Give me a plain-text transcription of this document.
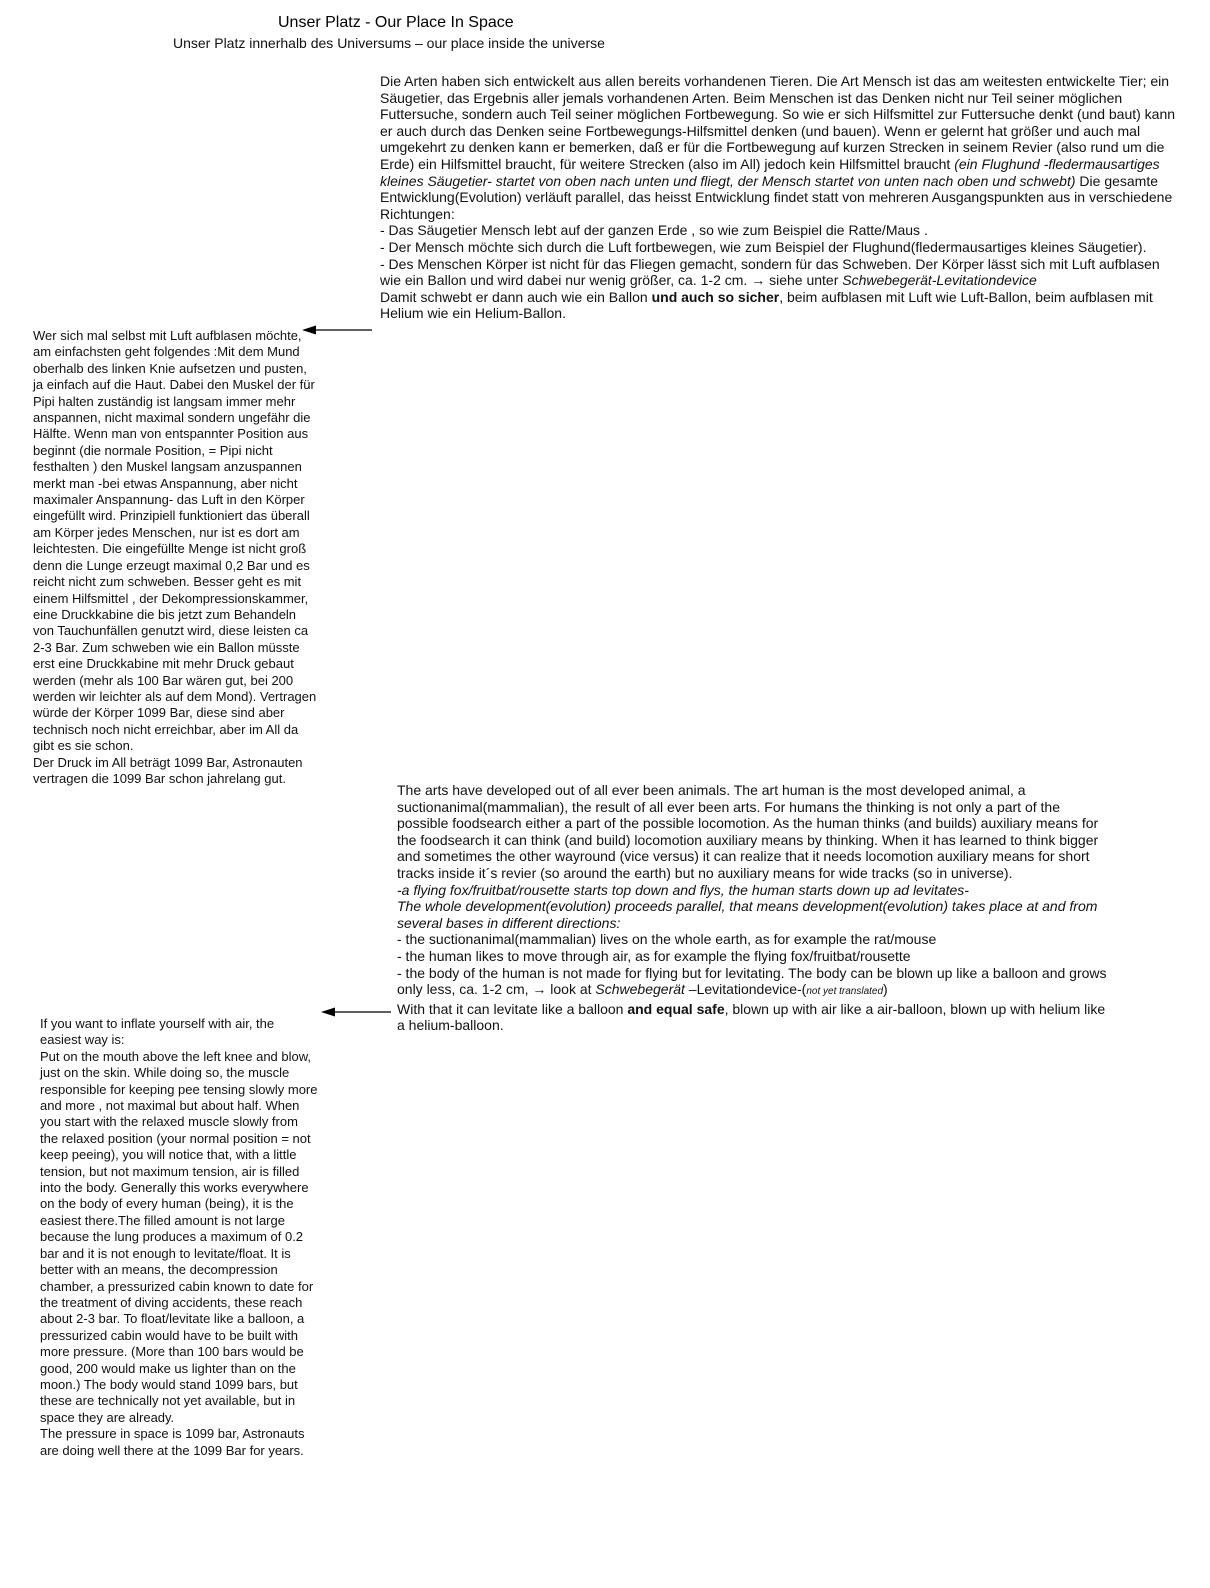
Unser Platz - Our Place In Space
Unser Platz innerhalb des Universums – our place inside the universe

Die Arten haben sich entwickelt aus allen bereits vorhandenen Tieren. Die Art Mensch ist das am weitesten entwickelte Tier; ein Säugetier, das Ergebnis aller jemals vorhandenen Arten. Beim Menschen ist das Denken nicht nur Teil seiner möglichen Futtersuche, sondern auch Teil seiner möglichen Fortbewegung. So wie er sich Hilfsmittel zur Futtersuche denkt (und baut) kann er auch durch das Denken seine Fortbewegungs-Hilfsmittel denken (und bauen). Wenn er gelernt hat größer und auch mal umgekehrt zu denken kann er bemerken, daß er für die Fortbewegung auf kurzen Strecken in seinem Revier (also rund um die Erde) ein Hilfsmittel braucht, für weitere Strecken (also im All) jedoch kein Hilfsmittel braucht (ein Flughund -fledermausartiges kleines Säugetier- startet von oben nach unten und fliegt, der Mensch startet von unten nach oben und schwebt) Die gesamte Entwicklung(Evolution) verläuft parallel, das heisst Entwicklung findet statt von mehreren Ausgangspunkten aus in verschiedene Richtungen:

- Das Säugetier Mensch lebt auf der ganzen Erde , so wie zum Beispiel die Ratte/Maus .

- Der Mensch möchte sich durch die Luft fortbewegen, wie zum Beispiel der Flughund(fledermausartiges kleines Säugetier).

- Des Menschen Körper ist nicht für das Fliegen gemacht, sondern für das Schweben. Der Körper lässt sich mit Luft aufblasen wie ein Ballon und wird dabei nur wenig größer, ca. 1-2 cm. → siehe unter Schwebegerät-Levitationdevice

Damit schwebt er dann auch wie ein Ballon und auch so sicher, beim aufblasen mit Luft wie Luft-Ballon, beim aufblasen mit Helium wie ein Helium-Ballon.

Wer sich mal selbst mit Luft aufblasen möchte, am einfachsten geht folgendes :Mit dem Mund oberhalb des linken Knie aufsetzen und pusten, ja einfach auf die Haut. Dabei den Muskel der für Pipi halten zuständig ist langsam immer mehr anspannen, nicht maximal sondern ungefähr die Hälfte. Wenn man von entspannter Position aus beginnt (die normale Position, = Pipi nicht festhalten ) den Muskel langsam anzuspannen merkt man -bei etwas Anspannung, aber nicht maximaler Anspannung- das Luft in den Körper eingefüllt wird. Prinzipiell funktioniert das überall am Körper jedes Menschen, nur ist es dort am leichtesten. Die eingefüllte Menge ist nicht groß denn die Lunge erzeugt maximal 0,2 Bar und es reicht nicht zum schweben. Besser geht es mit einem Hilfsmittel , der Dekompressionskammer, eine Druckkabine die bis jetzt zum Behandeln von Tauchunfällen genutzt wird, diese leisten ca 2-3 Bar. Zum schweben wie ein Ballon müsste erst eine Druckkabine mit mehr Druck gebaut werden (mehr als 100 Bar wären gut, bei 200 werden wir leichter als auf dem Mond). Vertragen würde der Körper 1099 Bar, diese sind aber technisch noch nicht erreichbar, aber im All da gibt es sie schon.
Der Druck im All beträgt 1099 Bar, Astronauten vertragen die 1099 Bar schon jahrelang gut.

The arts have developed out of all ever been animals. The art human is the most developed animal, a suctionanimal(mammalian), the result of all ever been arts. For humans the thinking is not only a part of the possible foodsearch either a part of the possible locomotion. As the human thinks (and builds) auxiliary means for the foodsearch it can think (and build) locomotion auxiliary means by thinking. When it has learned to think bigger and sometimes the other wayround (vice versus) it can realize that it needs locomotion auxiliary means for short tracks inside it´s revier (so around the earth) but no auxiliary means for wide tracks (so in universe).

-a flying fox/fruitbat/rousette starts top down and flys, the human starts down up ad levitates-

The whole development(evolution) proceeds parallel, that means development(evolution) takes place at and from several bases in different directions:

- the suctionanimal(mammalian) lives on the whole earth, as for example the rat/mouse

- the human likes to move through air, as for example the flying fox/fruitbat/rousette

- the body of the human is not made for flying but for levitating. The body can be blown up like a balloon and grows only less, ca. 1-2 cm, → look at Schwebegerät –Levitationdevice-(not yet translated)

With that it can levitate like a balloon and equal safe, blown up with air like a air-balloon, blown up with helium like a helium-balloon.

If you want to inflate yourself with air, the easiest way is:
Put on the mouth above the left knee and blow, just on the skin. While doing so, the muscle responsible for keeping pee tensing slowly more and more , not maximal but about half. When you start with the relaxed muscle slowly from the relaxed position (your normal position = not keep peeing), you will notice that, with a little tension, but not maximum tension, air is filled into the body. Generally this works everywhere on the body of every human (being), it is the easiest there.The filled amount is not large because the lung produces a maximum of 0.2 bar and it is not enough to levitate/float. It is better with an means, the decompression chamber, a pressurized cabin known to date for the treatment of diving accidents, these reach about 2-3 bar. To float/levitate like a balloon, a pressurized cabin would have to be built with more pressure. (More than 100 bars would be good, 200 would make us lighter than on the moon.) The body would stand 1099 bars, but these are technically not yet available, but in space they are already.
The pressure in space is 1099 bar, Astronauts are doing well there at the 1099 Bar for years.
